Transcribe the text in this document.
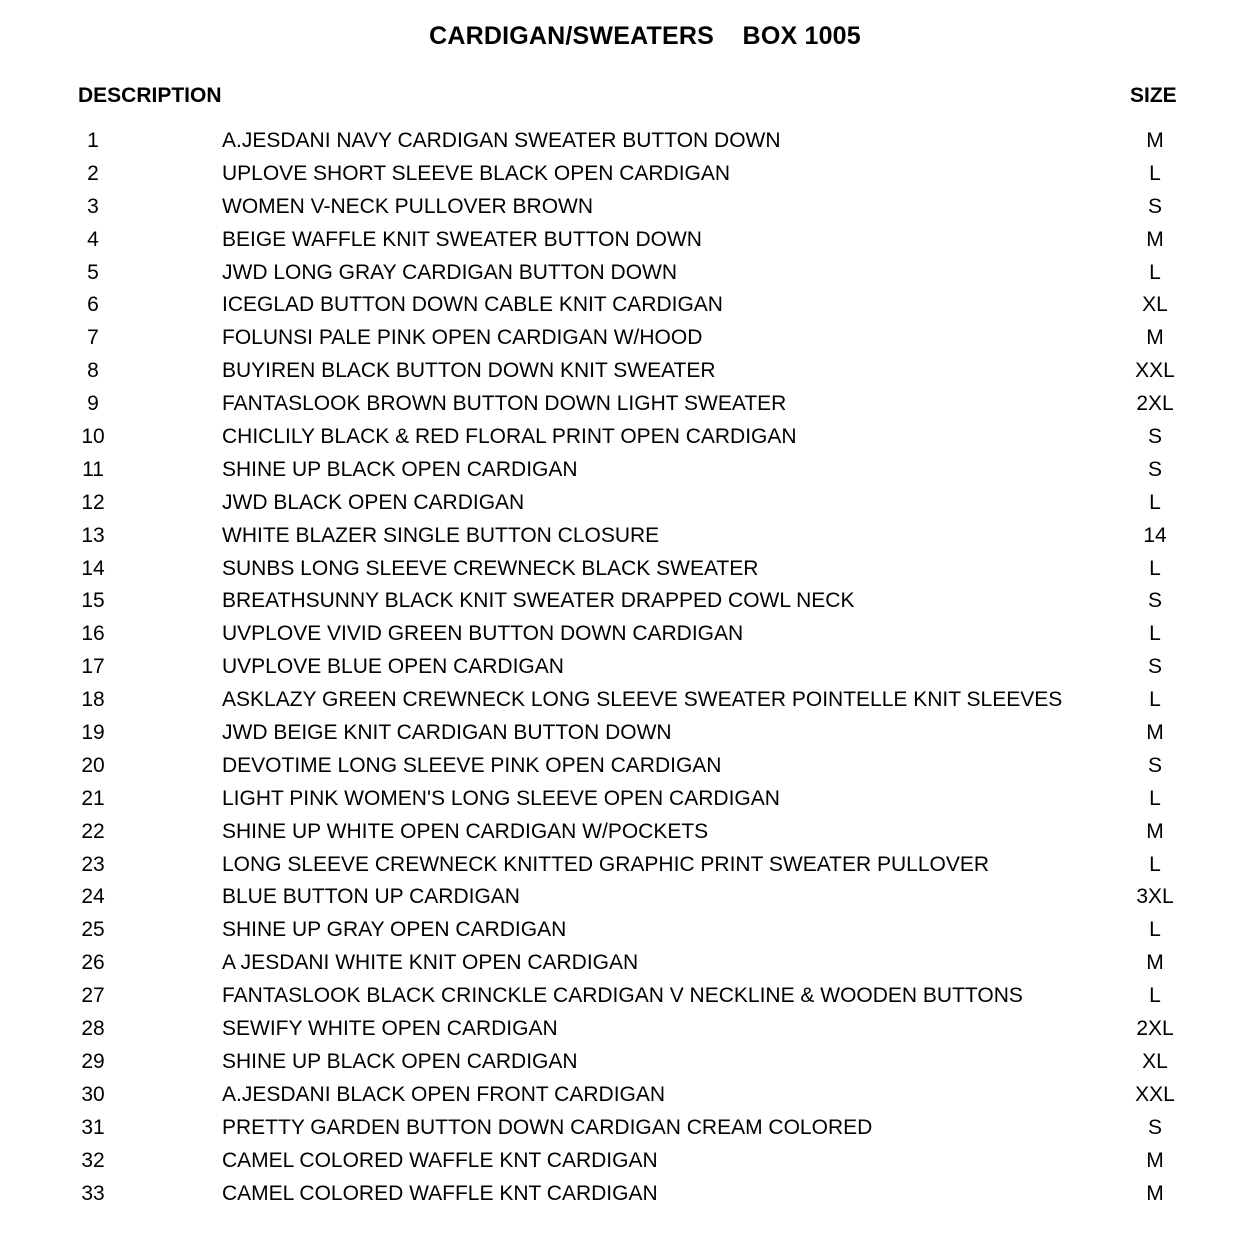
CARDIGAN/SWEATERS    BOX 1005
DESCRIPTION	SIZE
1	A.JESDANI NAVY CARDIGAN SWEATER BUTTON DOWN	M
2	UPLOVE SHORT SLEEVE BLACK OPEN CARDIGAN	L
3	WOMEN V-NECK PULLOVER BROWN	S
4	BEIGE WAFFLE KNIT SWEATER BUTTON DOWN	M
5	JWD LONG GRAY CARDIGAN BUTTON DOWN	L
6	ICEGLAD BUTTON DOWN CABLE KNIT CARDIGAN	XL
7	FOLUNSI PALE PINK OPEN CARDIGAN W/HOOD	M
8	BUYIREN BLACK BUTTON DOWN KNIT SWEATER	XXL
9	FANTASLOOK BROWN BUTTON DOWN LIGHT SWEATER	2XL
10	CHICLILY BLACK & RED FLORAL PRINT OPEN CARDIGAN	S
11	SHINE UP BLACK OPEN CARDIGAN	S
12	JWD BLACK OPEN CARDIGAN	L
13	WHITE BLAZER SINGLE BUTTON CLOSURE	14
14	SUNBS LONG SLEEVE CREWNECK BLACK SWEATER	L
15	BREATHSUNNY BLACK KNIT SWEATER DRAPPED COWL NECK	S
16	UVPLOVE VIVID GREEN BUTTON DOWN CARDIGAN	L
17	UVPLOVE BLUE OPEN CARDIGAN	S
18	ASKLAZY GREEN CREWNECK LONG SLEEVE SWEATER POINTELLE KNIT SLEEVES	L
19	JWD BEIGE KNIT CARDIGAN BUTTON DOWN	M
20	DEVOTIME LONG SLEEVE PINK OPEN CARDIGAN	S
21	LIGHT PINK WOMEN'S LONG SLEEVE OPEN CARDIGAN	L
22	SHINE UP WHITE OPEN CARDIGAN W/POCKETS	M
23	LONG SLEEVE CREWNECK KNITTED GRAPHIC PRINT SWEATER PULLOVER	L
24	BLUE BUTTON UP CARDIGAN	3XL
25	SHINE UP GRAY OPEN CARDIGAN	L
26	A JESDANI WHITE KNIT OPEN CARDIGAN	M
27	FANTASLOOK BLACK CRINCKLE CARDIGAN V NECKLINE & WOODEN BUTTONS	L
28	SEWIFY WHITE OPEN CARDIGAN	2XL
29	SHINE UP BLACK OPEN CARDIGAN	XL
30	A.JESDANI BLACK OPEN FRONT CARDIGAN	XXL
31	PRETTY GARDEN BUTTON DOWN CARDIGAN CREAM COLORED	S
32	CAMEL COLORED WAFFLE KNT CARDIGAN	M
33	CAMEL COLORED WAFFLE KNT CARDIGAN	M
